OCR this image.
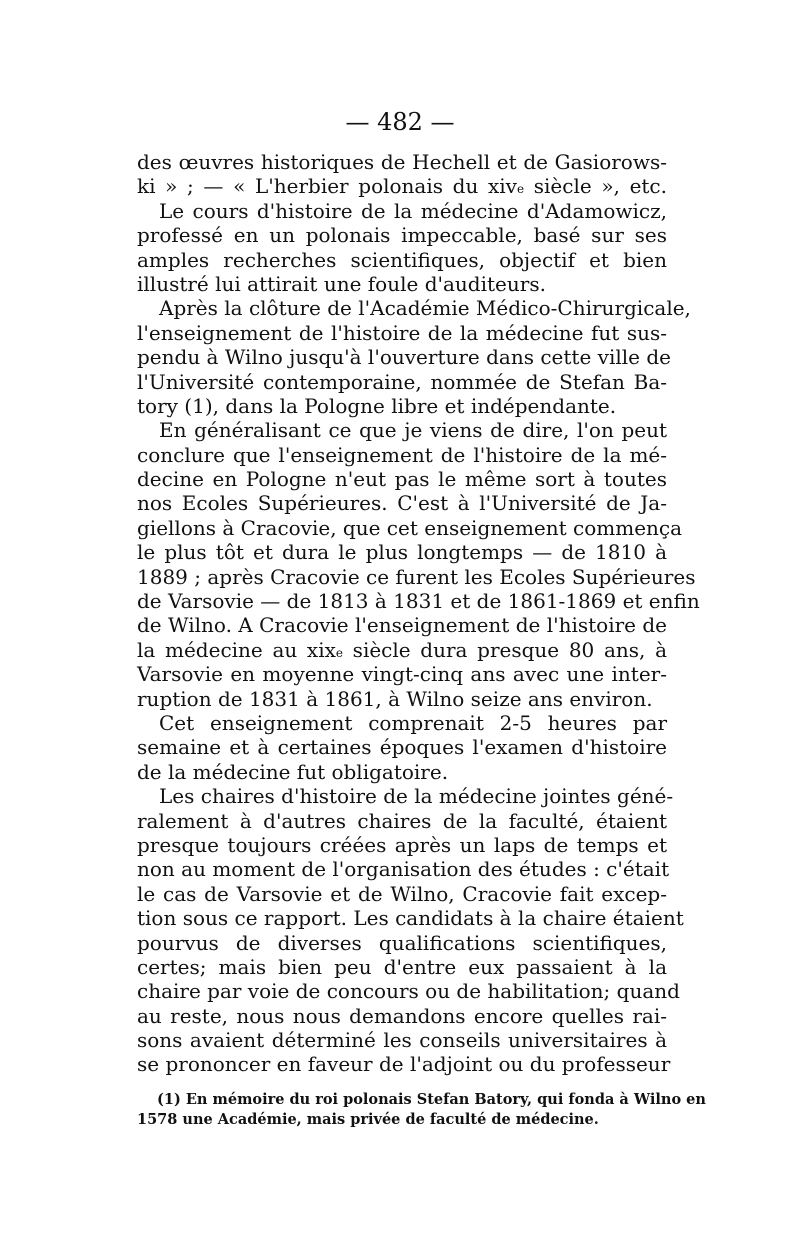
— 482 —
des œuvres historiques de Hechell et de Gasiorows-
ki » ; — « L'herbier polonais du xiv$^e$ siècle », etc.
Le cours d'histoire de la médecine d'Adamowicz,
professé en un polonais impeccable, basé sur ses
amples recherches scientifiques, objectif et bien
illustré lui attirait une foule d'auditeurs.
Après la clôture de l'Académie Médico-Chirurgicale,
l'enseignement de l'histoire de la médecine fut sus-
pendu à Wilno jusqu'à l'ouverture dans cette ville de
l'Université contemporaine, nommée de Stefan Ba-
tory (1), dans la Pologne libre et indépendante.
En généralisant ce que je viens de dire, l'on peut
conclure que l'enseignement de l'histoire de la mé-
decine en Pologne n'eut pas le même sort à toutes
nos Ecoles Supérieures. C'est à l'Université de Ja-
giellons à Cracovie, que cet enseignement commença
le plus tôt et dura le plus longtemps — de 1810 à
1889 ; après Cracovie ce furent les Ecoles Supérieures
de Varsovie — de 1813 à 1831 et de 1861-1869 et enfin
de Wilno. A Cracovie l'enseignement de l'histoire de
la médecine au xix$^e$ siècle dura presque 80 ans, à
Varsovie en moyenne vingt-cinq ans avec une inter-
ruption de 1831 à 1861, à Wilno seize ans environ.
Cet enseignement comprenait 2-5 heures par
semaine et à certaines époques l'examen d'histoire
de la médecine fut obligatoire.
Les chaires d'histoire de la médecine jointes géné-
ralement à d'autres chaires de la faculté, étaient
presque toujours créées après un laps de temps et
non au moment de l'organisation des études : c'était
le cas de Varsovie et de Wilno, Cracovie fait excep-
tion sous ce rapport. Les candidats à la chaire étaient
pourvus de diverses qualifications scientifiques,
certes; mais bien peu d'entre eux passaient à la
chaire par voie de concours ou de habilitation; quand
au reste, nous nous demandons encore quelles rai-
sons avaient déterminé les conseils universitaires à
se prononcer en faveur de l'adjoint ou du professeur
(1) En mémoire du roi polonais Stefan Batory, qui fonda à Wilno en
1578 une Académie, mais privée de faculté de médecine.
